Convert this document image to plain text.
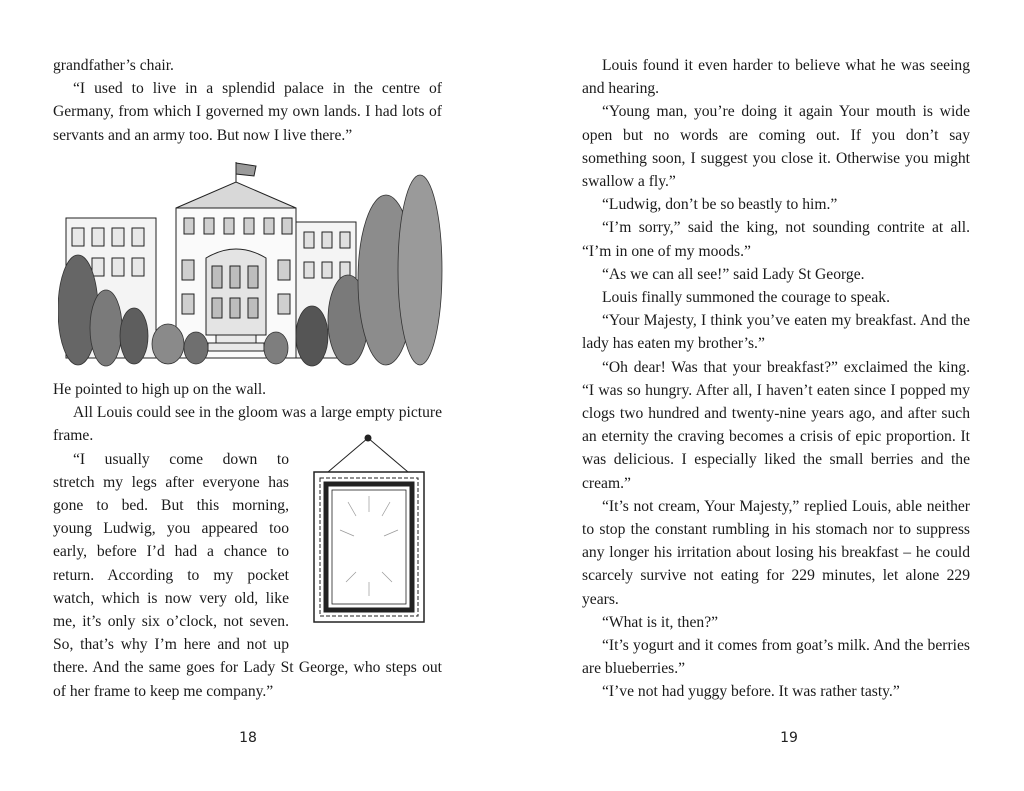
grandfather’s chair.

“I used to live in a splendid palace in the centre of Germany, from which I governed my own lands. I had lots of servants and an army too. But now I live there.”

He pointed to high up on the wall.

All Louis could see in the gloom was a large empty picture frame.

“I usually come down to
stretch my legs after everyone has
gone to bed. But this morning,
young Ludwig, you appeared too
early, before I’d had a chance to
return. According to my pocket
watch, which is now very old, like
me, it’s only six o’clock, not seven.
So, that’s why I’m here and not up

there. And the same goes for Lady St George, who steps out of her frame to keep me company.”

18

Louis found it even harder to believe what he was seeing and hearing.

“Young man, you’re doing it again Your mouth is wide open but no words are coming out. If you don’t say something soon, I suggest you close it. Otherwise you might swallow a fly.”

“Ludwig, don’t be so beastly to him.”

“I’m sorry,” said the king, not sounding contrite at all. “I’m in one of my moods.”

“As we can all see!” said Lady St George.

Louis finally summoned the courage to speak.

“Your Majesty, I think you’ve eaten my breakfast. And the lady has eaten my brother’s.”

“Oh dear! Was that your breakfast?” exclaimed the king. “I was so hungry. After all, I haven’t eaten since I popped my clogs two hundred and twenty-nine years ago, and after such an eternity the craving becomes a crisis of epic proportion. It was delicious. I especially liked the small berries and the cream.”

“It’s not cream, Your Majesty,” replied Louis, able neither to stop the constant rumbling in his stomach nor to suppress any longer his irritation about losing his breakfast – he could scarcely survive not eating for 229 minutes, let alone 229 years.

“What is it, then?”

“It’s yogurt and it comes from goat’s milk. And the berries are blueberries.”

“I’ve not had yuggy before. It was rather tasty.”

19
